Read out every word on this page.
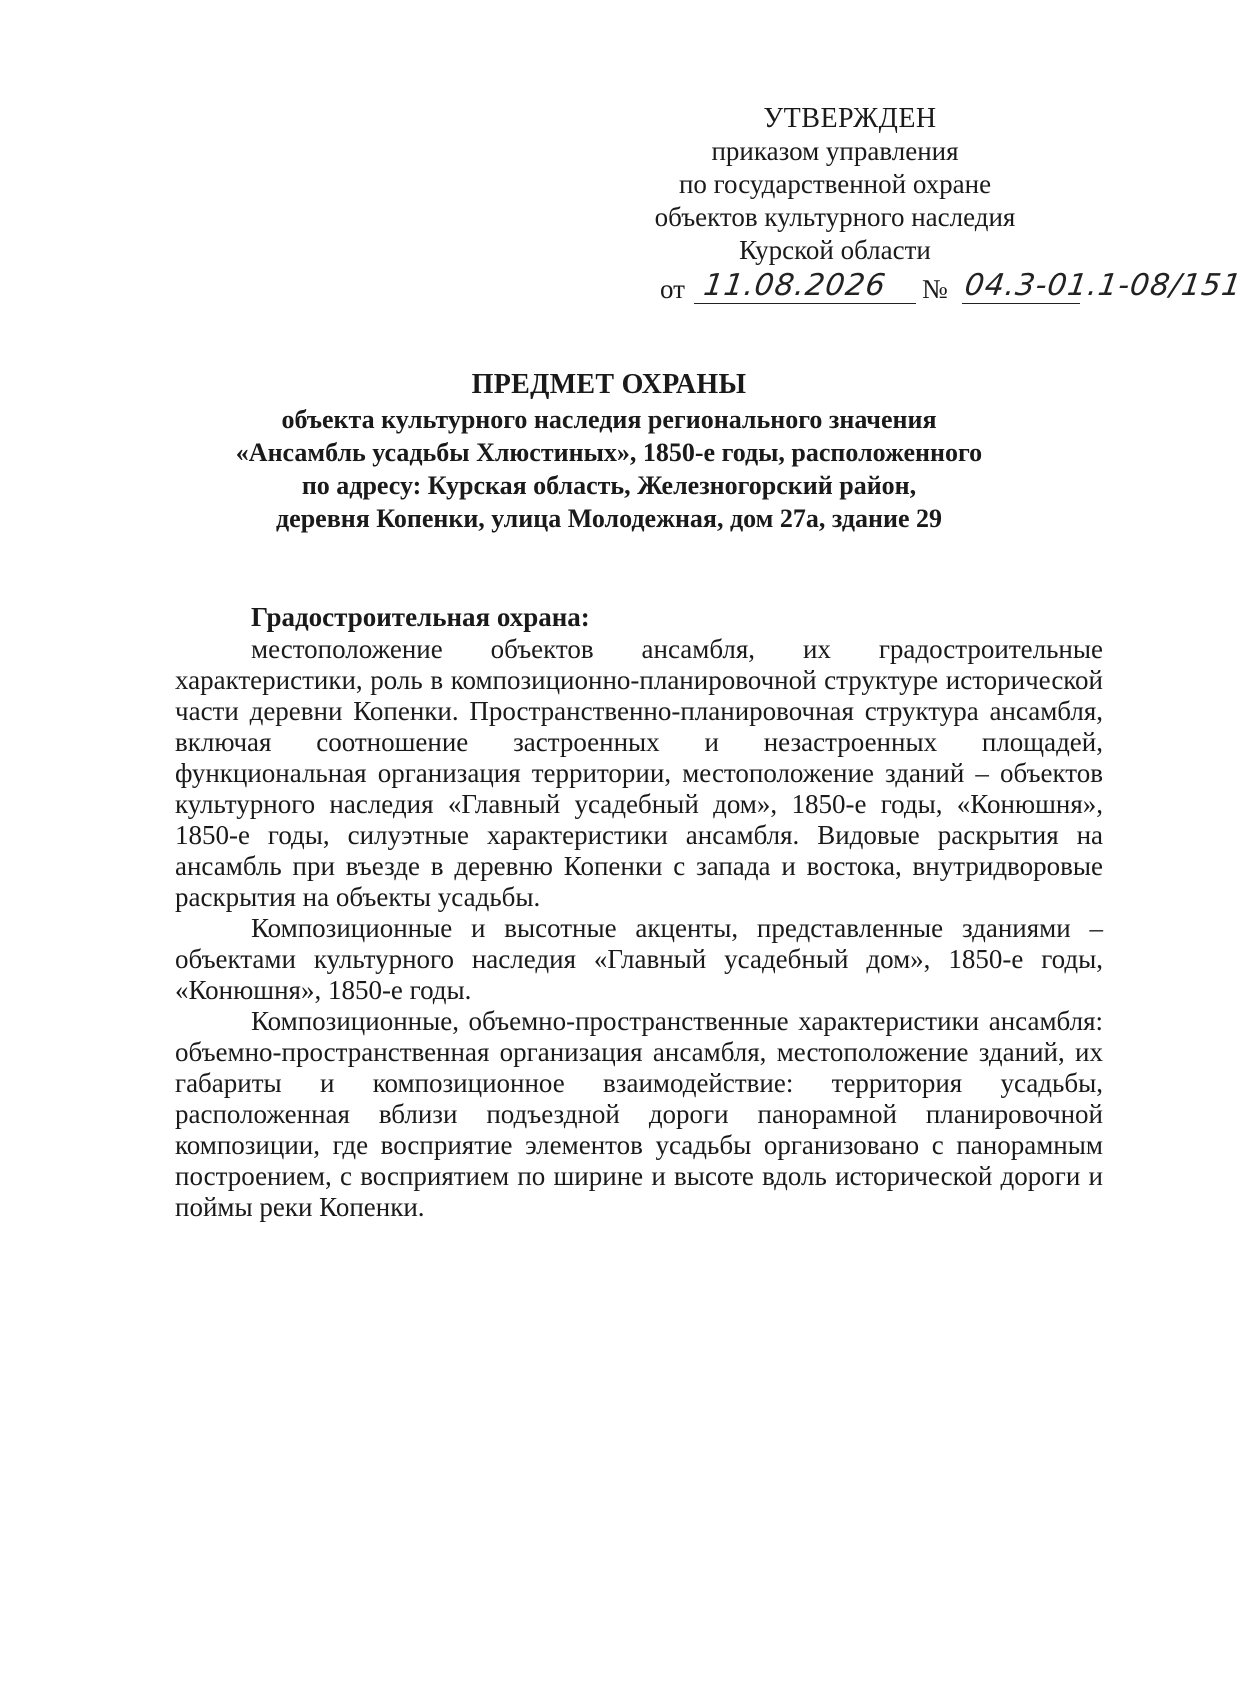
УТВЕРЖДЕН
приказом управления
по государственной охране
объектов культурного наследия
Курской области
от 11.08.2026 № 04.3-01.1-08/151
ПРЕДМЕТ ОХРАНЫ
объекта культурного наследия регионального значения
«Ансамбль усадьбы Хлюстиных», 1850-е годы, расположенного
по адресу: Курская область, Железногорский район,
деревня Копенки, улица Молодежная, дом 27а, здание 29
Градостроительная охрана:

местоположение объектов ансамбля, их градостроительные характеристики, роль в композиционно-планировочной структуре исторической части деревни Копенки. Пространственно-планировочная структура ансамбля, включая соотношение застроенных и незастроенных площадей, функциональная организация территории, местоположение зданий – объектов культурного наследия «Главный усадебный дом», 1850-е годы, «Конюшня», 1850-е годы, силуэтные характеристики ансамбля. Видовые раскрытия на ансамбль при въезде в деревню Копенки с запада и востока, внутридворовые раскрытия на объекты усадьбы.

Композиционные и высотные акценты, представленные зданиями – объектами культурного наследия «Главный усадебный дом», 1850-е годы, «Конюшня», 1850-е годы.

Композиционные, объемно-пространственные характеристики ансамбля: объемно-пространственная организация ансамбля, местоположение зданий, их габариты и композиционное взаимодействие: территория усадьбы, расположенная вблизи подъездной дороги панорамной планировочной композиции, где восприятие элементов усадьбы организовано с панорамным построением, с восприятием по ширине и высоте вдоль исторической дороги и поймы реки Копенки.
